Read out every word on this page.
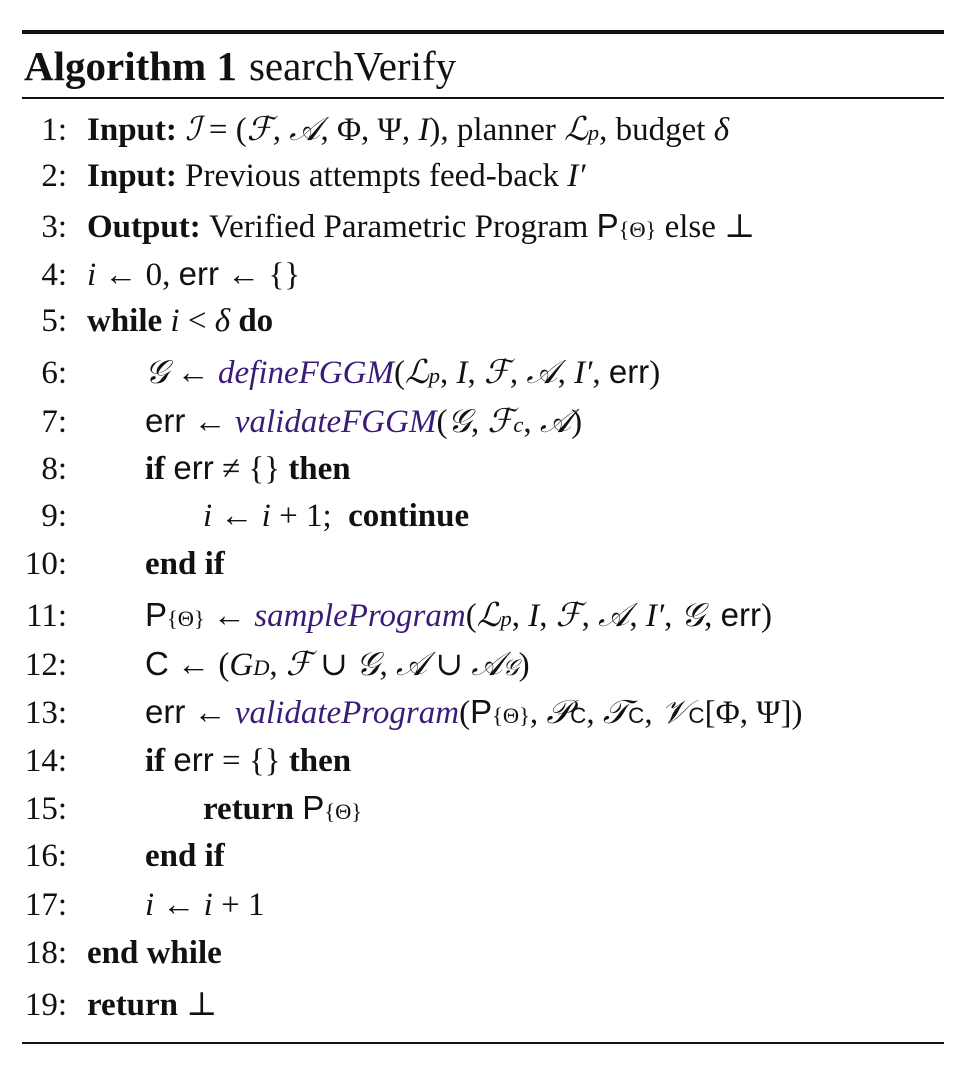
Algorithm 1 searchVerify
1: Input:
ℐ = ( ℱ , 𝒜 , Φ, Ψ, I ), planner
ℒ p , budget
δ
2: Input:
Previous attempts feed-back
I′
3: Output:
Verified Parametric Program
P {Θ}
else ⊥
4: i ← 0, err ← {}
5: while
i < δ
do
6: 𝒢 ← defineFGGM ( ℒ p , I , ℱ , 𝒜 , I′ , err )
7: err ← validateFGGM ( 𝒢 , ℱ c , 𝒜 )
8: if
err ≠ {} then
9:	i ← i + 1; continue
10: end if
11: P {Θ} ← sampleProgram ( ℒ p , I , ℱ , 𝒜 , I′ , 𝒢 , err )
12: C ← ( G D , ℱ ∪ 𝒢 , 𝒜 ∪ 𝒜 𝒢 )
13: err ← validateProgram ( P {Θ} , 𝒫 C , 𝒯 C , 𝒱 C [Φ, Ψ])
14: if
err = {} then
15:	return
P {Θ}
16: end if
17: i ← i + 1
18: end while
19: return ⊥
